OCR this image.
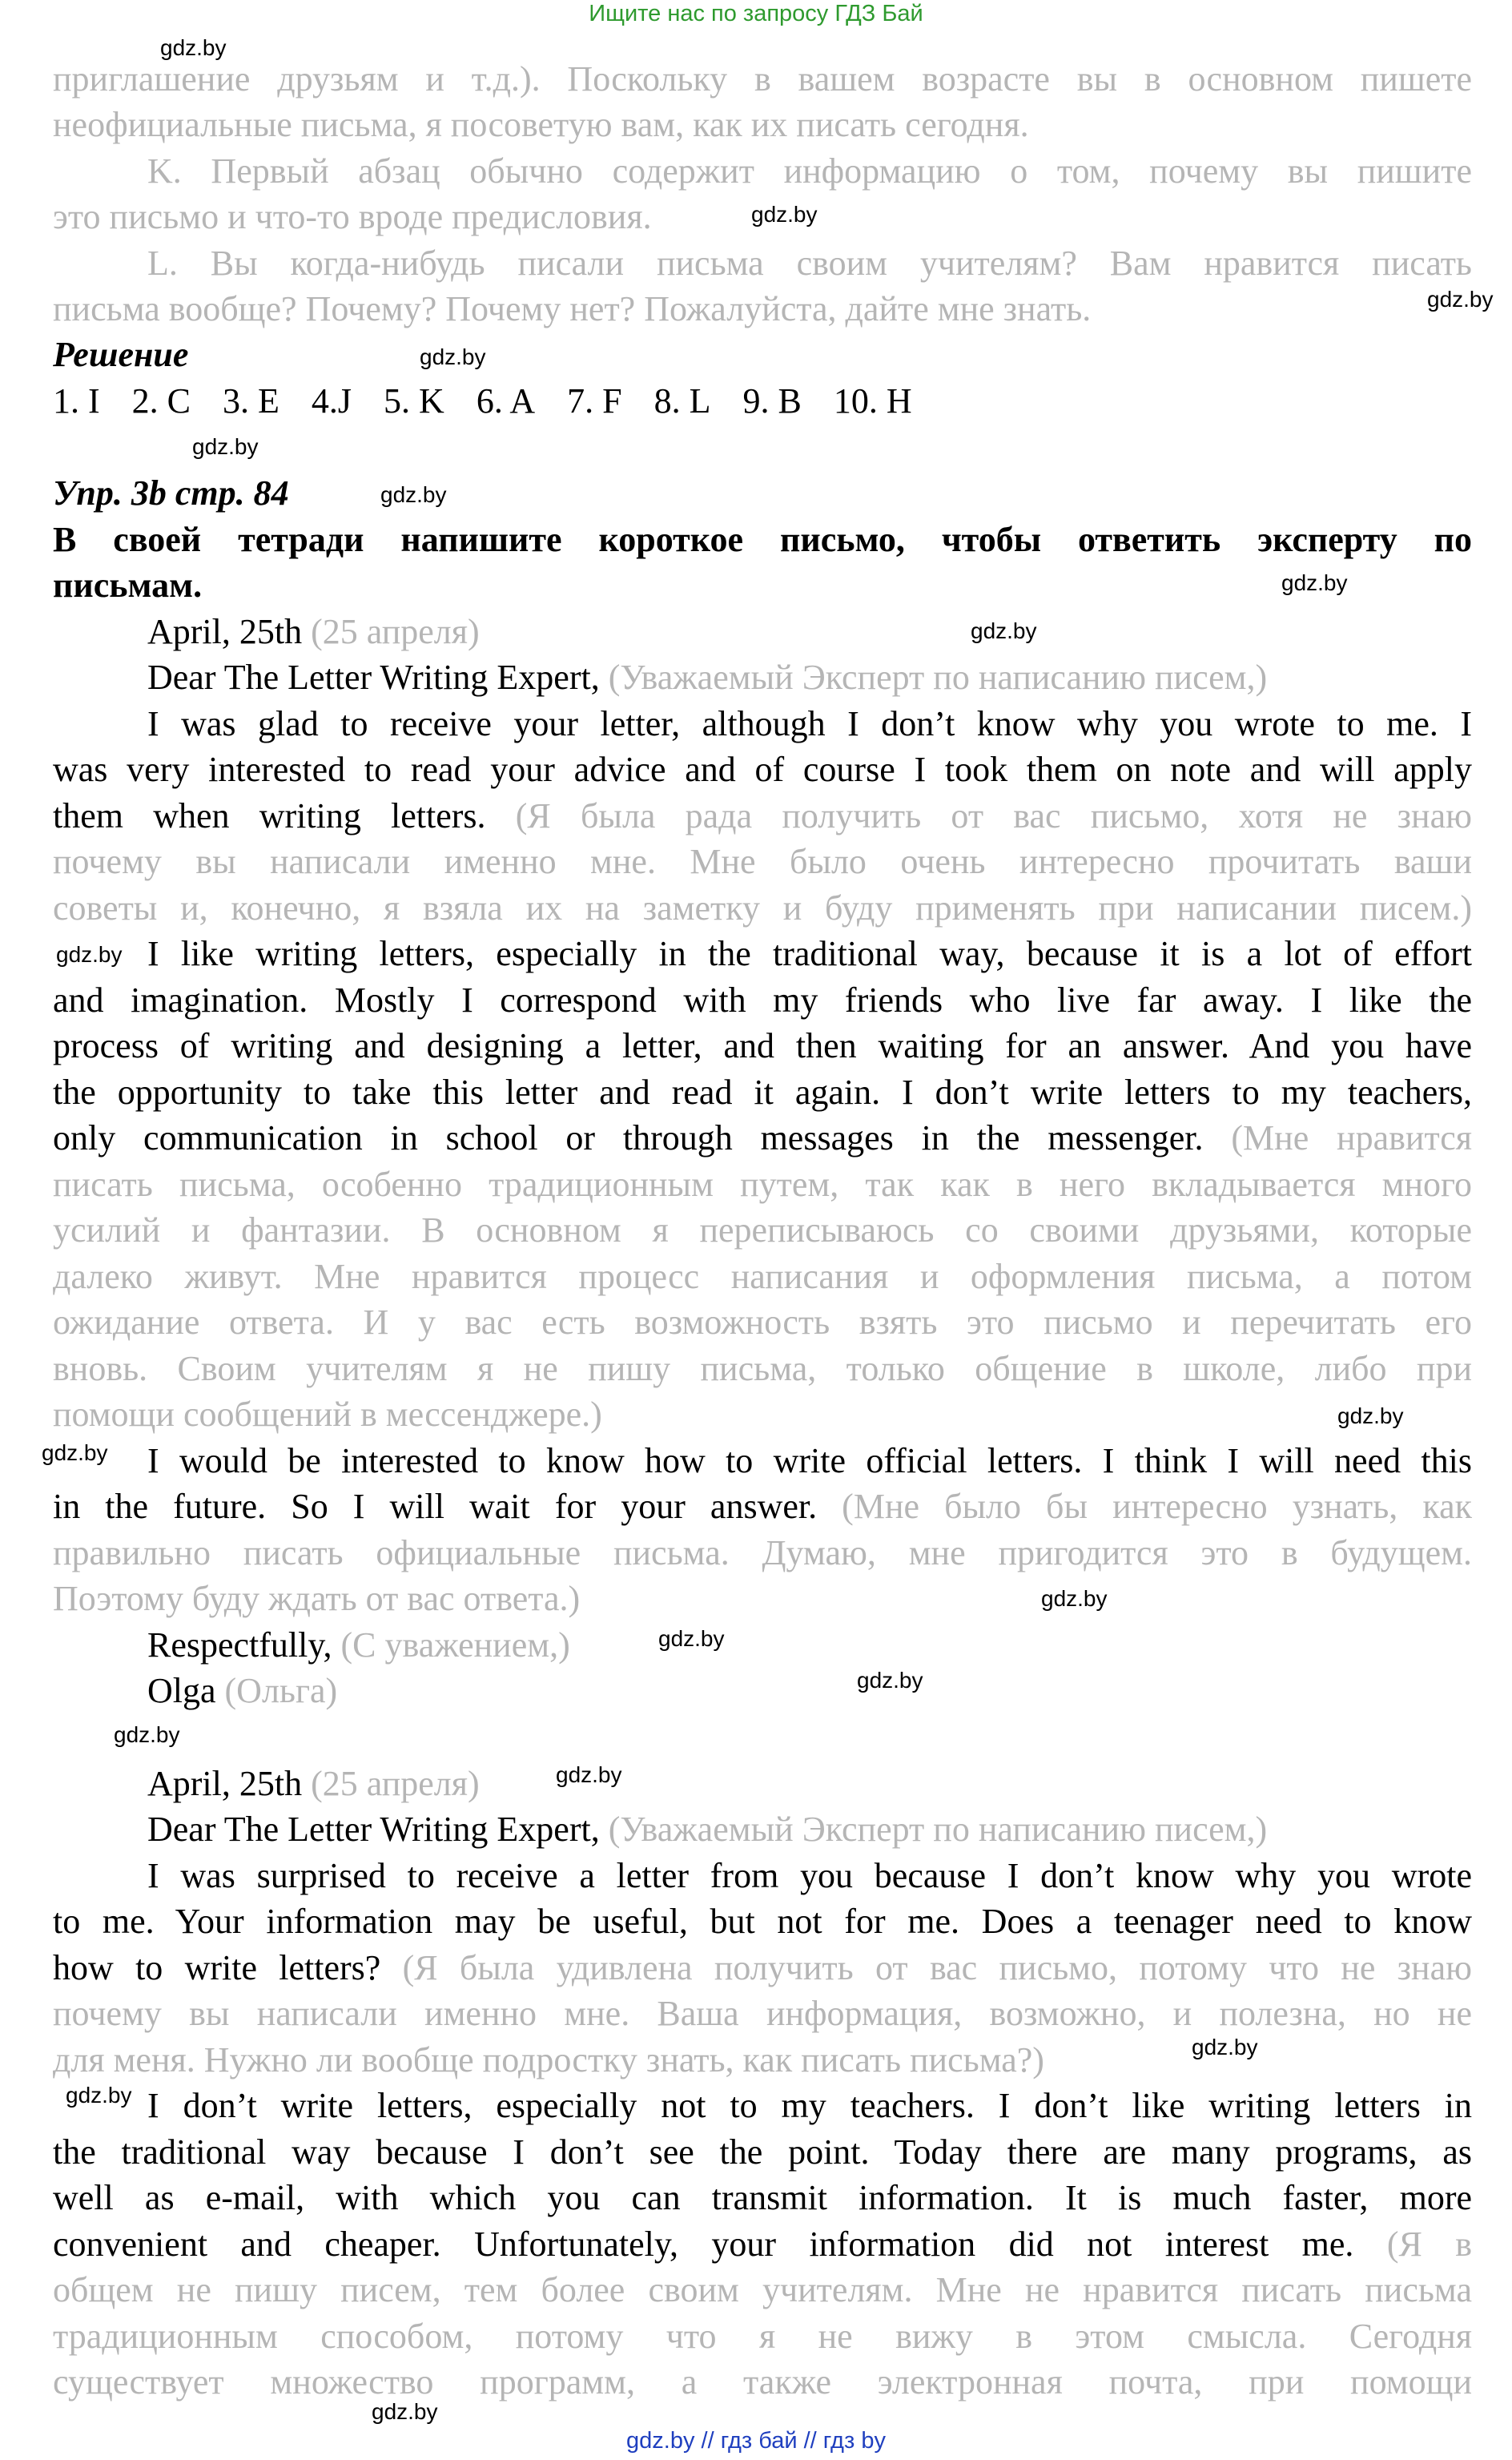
Ищите нас по запросу ГДЗ Бай
приглашение друзьям и т.д.). Поскольку в вашем возрасте вы в основном пишете
неофициальные письма, я посоветую вам, как их писать сегодня.
K. Первый абзац обычно содержит информацию о том, почему вы пишите
это письмо и что-то вроде предисловия.
L. Вы когда-нибудь писали письма своим учителям? Вам нравится писать
письма вообще? Почему? Почему нет? Пожалуйста, дайте мне знать.
Решение
1. I 2. C 3. E 4.J 5. K 6. A 7. F 8. L 9. B 10. H
Упр. 3b стр. 84
В своей тетради напишите короткое письмо, чтобы ответить эксперту по
письмам.
April, 25th (25 апреля)
Dear The Letter Writing Expert, (Уважаемый Эксперт по написанию писем,)
I was glad to receive your letter, although I don’t know why you wrote to me. I
was very interested to read your advice and of course I took them on note and will apply
them when writing letters. (Я была рада получить от вас письмо, хотя не знаю
почему вы написали именно мне. Мне было очень интересно прочитать ваши
советы и, конечно, я взяла их на заметку и буду применять при написании писем.)
I like writing letters, especially in the traditional way, because it is a lot of effort
and imagination. Mostly I correspond with my friends who live far away. I like the
process of writing and designing a letter, and then waiting for an answer. And you have
the opportunity to take this letter and read it again. I don’t write letters to my teachers,
only communication in school or through messages in the messenger. (Мне нравится
писать письма, особенно традиционным путем, так как в него вкладывается много
усилий и фантазии. В основном я переписываюсь со своими друзьями, которые
далеко живут. Мне нравится процесс написания и оформления письма, а потом
ожидание ответа. И у вас есть возможность взять это письмо и перечитать его
вновь. Своим учителям я не пишу письма, только общение в школе, либо при
помощи сообщений в мессенджере.)
I would be interested to know how to write official letters. I think I will need this
in the future. So I will wait for your answer. (Мне было бы интересно узнать, как
правильно писать официальные письма. Думаю, мне пригодится это в будущем.
Поэтому буду ждать от вас ответа.)
Respectfully, (С уважением,)
Olga (Ольга)
April, 25th (25 апреля)
Dear The Letter Writing Expert, (Уважаемый Эксперт по написанию писем,)
I was surprised to receive a letter from you because I don’t know why you wrote
to me. Your information may be useful, but not for me. Does a teenager need to know
how to write letters? (Я была удивлена получить от вас письмо, потому что не знаю
почему вы написали именно мне. Ваша информация, возможно, и полезна, но не
для меня. Нужно ли вообще подростку знать, как писать письма?)
I don’t write letters, especially not to my teachers. I don’t like writing letters in
the traditional way because I don’t see the point. Today there are many programs, as
well as e-mail, with which you can transmit information. It is much faster, more
convenient and cheaper. Unfortunately, your information did not interest me. (Я в
общем не пишу писем, тем более своим учителям. Мне не нравится писать письма
традиционным способом, потому что я не вижу в этом смысла. Сегодня
существует множество программ, а также электронная почта, при помощи
gdz.by
gdz.by
gdz.by
gdz.by
gdz.by
gdz.by
gdz.by
gdz.by
gdz.by
gdz.by
gdz.by
gdz.by
gdz.by
gdz.by
gdz.by
gdz.by
gdz.by
gdz.by
gdz.by
gdz.by // гдз бай // гдз by
